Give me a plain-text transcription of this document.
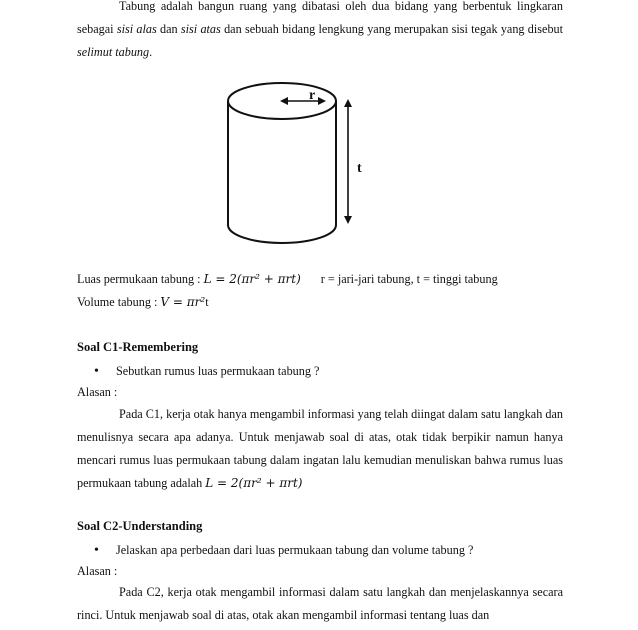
Tabung adalah bangun ruang yang dibatasi oleh dua bidang yang berbentuk lingkaran sebagai sisi alas dan sisi atas dan sebuah bidang lengkung yang merupakan sisi tegak yang disebut selimut tabung.

r
t
Luas permukaan tabung : L = 2(πr² + πrt) r = jari-jari tabung, t = tinggi tabung
Volume tabung : V = πr²t
Soal C1-Remembering
• Sebutkan rumus luas permukaan tabung ?
Alasan :

Pada C1, kerja otak hanya mengambil informasi yang telah diingat dalam satu langkah dan menulisnya secara apa adanya. Untuk menjawab soal di atas, otak tidak berpikir namun hanya mencari rumus luas permukaan tabung dalam ingatan lalu kemudian menuliskan bahwa rumus luas permukaan tabung adalah L = 2(πr² + πrt)

Soal C2-Understanding
• Jelaskan apa perbedaan dari luas permukaan tabung dan volume tabung ?
Alasan :

Pada C2, kerja otak mengambil informasi dalam satu langkah dan menjelaskannya secara rinci. Untuk menjawab soal di atas, otak akan mengambil informasi tentang luas dan
